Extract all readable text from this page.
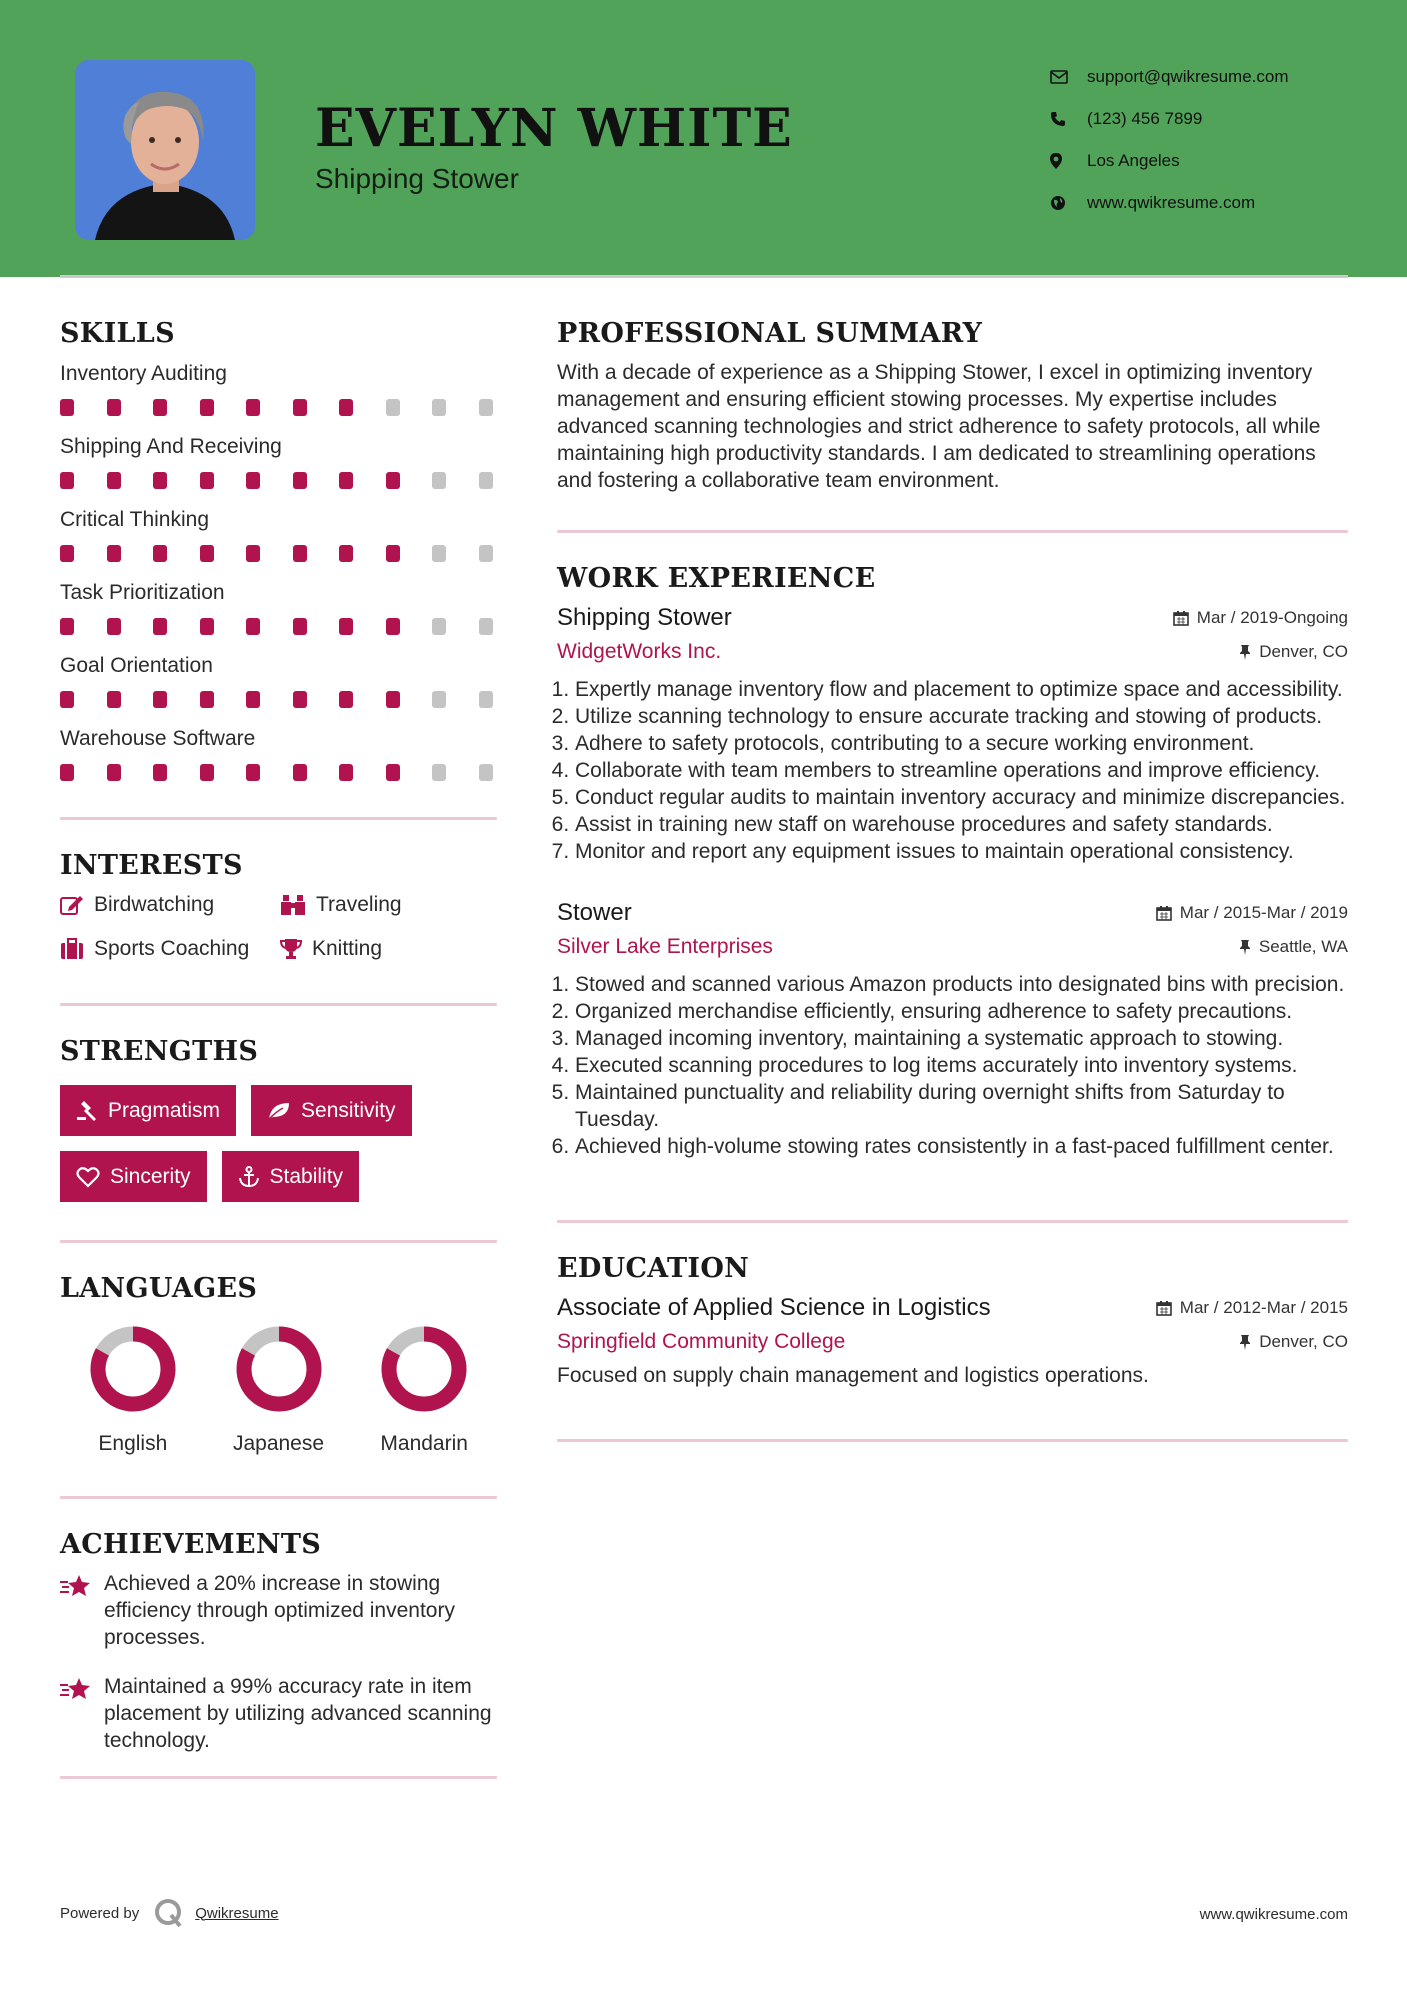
EVELYN WHITE
Shipping Stower
support@qwikresume.com
(123) 456 7899
Los Angeles
www.qwikresume.com
SKILLS
Inventory Auditing
Shipping And Receiving
Critical Thinking
Task Prioritization
Goal Orientation
Warehouse Software
INTERESTS
Birdwatching	Traveling
Sports Coaching	Knitting
STRENGTHS
Pragmatism	Sensitivity
Sincerity	Stability
LANGUAGES
English	Japanese	Mandarin
ACHIEVEMENTS
Achieved a 20% increase in stowing efficiency through optimized inventory processes.
Maintained a 99% accuracy rate in item placement by utilizing advanced scanning technology.
PROFESSIONAL SUMMARY

With a decade of experience as a Shipping Stower, I excel in optimizing inventory management and ensuring efficient stowing processes. My expertise includes advanced scanning technologies and strict adherence to safety protocols, all while maintaining high productivity standards. I am dedicated to streamlining operations and fostering a collaborative team environment.

WORK EXPERIENCE
Shipping Stower	Mar / 2019-Ongoing
WidgetWorks Inc.	Denver, CO
1. Expertly manage inventory flow and placement to optimize space and accessibility.
2. Utilize scanning technology to ensure accurate tracking and stowing of products.
3. Adhere to safety protocols, contributing to a secure working environment.
4. Collaborate with team members to streamline operations and improve efficiency.
5. Conduct regular audits to maintain inventory accuracy and minimize discrepancies.
6. Assist in training new staff on warehouse procedures and safety standards.
7. Monitor and report any equipment issues to maintain operational consistency.
Stower	Mar / 2015-Mar / 2019
Silver Lake Enterprises	Seattle, WA
1. Stowed and scanned various Amazon products into designated bins with precision.
2. Organized merchandise efficiently, ensuring adherence to safety precautions.
3. Managed incoming inventory, maintaining a systematic approach to stowing.
4. Executed scanning procedures to log items accurately into inventory systems.
5. Maintained punctuality and reliability during overnight shifts from Saturday to Tuesday.
6. Achieved high-volume stowing rates consistently in a fast-paced fulfillment center.
EDUCATION
Associate of Applied Science in Logistics	Mar / 2012-Mar / 2015
Springfield Community College	Denver, CO
Focused on supply chain management and logistics operations.
Powered by	Qwikresume	www.qwikresume.com
